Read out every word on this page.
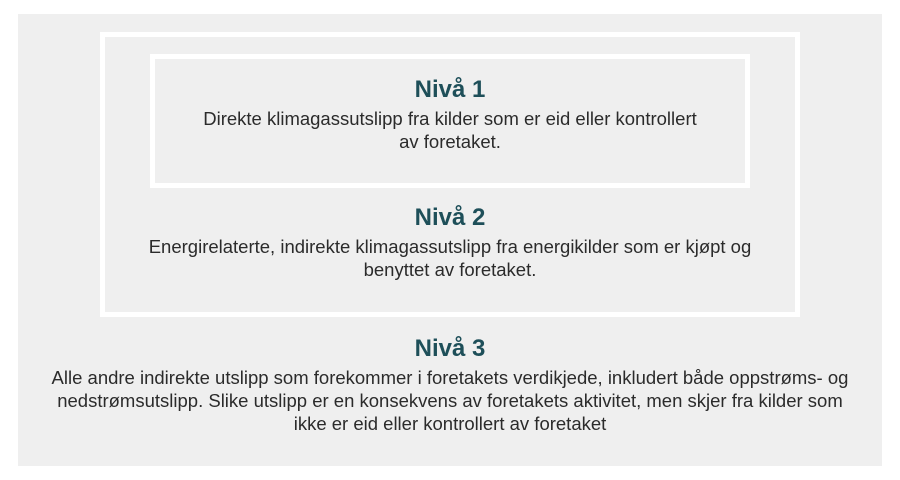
Nivå 1
Direkte klimagassutslipp fra kilder som er eid eller kontrollert av foretaket.
Nivå 2
Energirelaterte, indirekte klimagassutslipp fra energikilder som er kjøpt og benyttet av foretaket.
Nivå 3
Alle andre indirekte utslipp som forekommer i foretakets verdikjede, inkludert både oppstrøms- og nedstrømsutslipp. Slike utslipp er en konsekvens av foretakets aktivitet, men skjer fra kilder som ikke er eid eller kontrollert av foretaket
